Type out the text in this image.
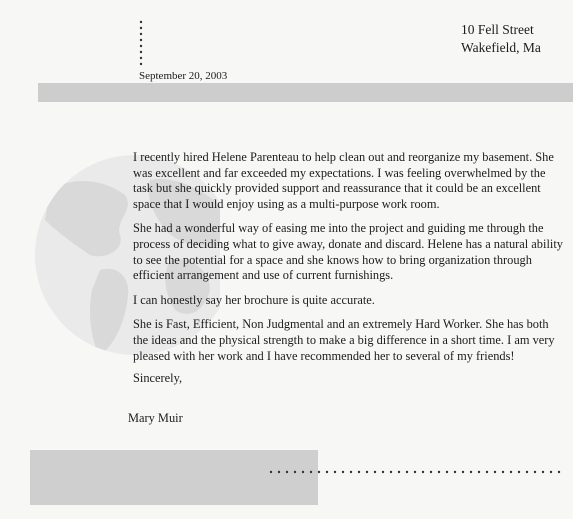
10 Fell Street
Wakefield, Ma
September 20, 2003

I recently hired Helene Parenteau to help clean out and reorganize my basement. She was excellent and far exceeded my expectations. I was feeling overwhelmed by the task but she quickly provided support and reassurance that it could be an excellent space that I would enjoy using as a multi-purpose work room.

She had a wonderful way of easing me into the project and guiding me through the process of deciding what to give away, donate and discard. Helene has a natural ability to see the potential for a space and she knows how to bring organization through efficient arrangement and use of current furnishings.

I can honestly say her brochure is quite accurate.

She is Fast, Efficient, Non Judgmental and an extremely Hard Worker. She has both the ideas and the physical strength to make a big difference in a short time. I am very pleased with her work and I have recommended her to several of my friends!

Sincerely,
Mary Muir
